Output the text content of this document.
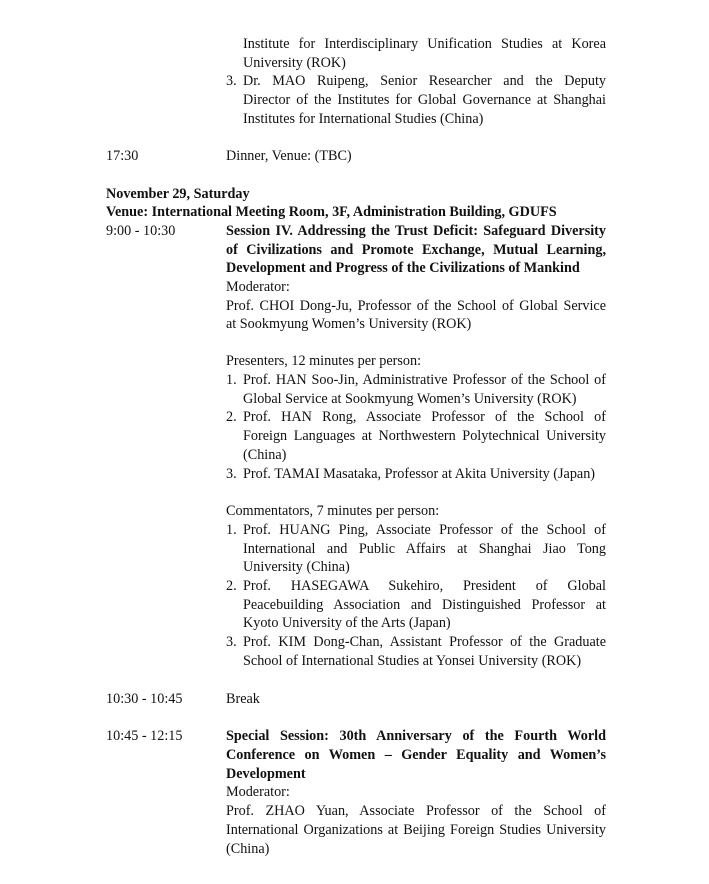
Institute for Interdisciplinary Unification Studies at Korea
University (ROK)
3. Dr. MAO Ruipeng, Senior Researcher and the Deputy
Director of the Institutes for Global Governance at Shanghai
Institutes for International Studies (China)
17:30	Dinner, Venue: (TBC)
November 29, Saturday
Venue: International Meeting Room, 3F, Administration Building, GDUFS
9:00 - 10:30	Session IV. Addressing the Trust Deficit: Safeguard Diversity
of Civilizations and Promote Exchange, Mutual Learning,
Development and Progress of the Civilizations of Mankind
Moderator:
Prof. CHOI Dong-Ju, Professor of the School of Global Service
at Sookmyung Women’s University (ROK)
Presenters, 12 minutes per person:
1. Prof. HAN Soo-Jin, Administrative Professor of the School of
Global Service at Sookmyung Women’s University (ROK)
2. Prof. HAN Rong, Associate Professor of the School of
Foreign Languages at Northwestern Polytechnical University
(China)
3. Prof. TAMAI Masataka, Professor at Akita University (Japan)
Commentators, 7 minutes per person:
1. Prof. HUANG Ping, Associate Professor of the School of
International and Public Affairs at Shanghai Jiao Tong
University (China)
2. Prof. HASEGAWA Sukehiro, President of Global
Peacebuilding Association and Distinguished Professor at
Kyoto University of the Arts (Japan)
3. Prof. KIM Dong-Chan, Assistant Professor of the Graduate
School of International Studies at Yonsei University (ROK)
10:30 - 10:45	Break
10:45 - 12:15	Special Session: 30th Anniversary of the Fourth World
Conference on Women – Gender Equality and Women’s
Development
Moderator:
Prof. ZHAO Yuan, Associate Professor of the School of
International Organizations at Beijing Foreign Studies University
(China)
